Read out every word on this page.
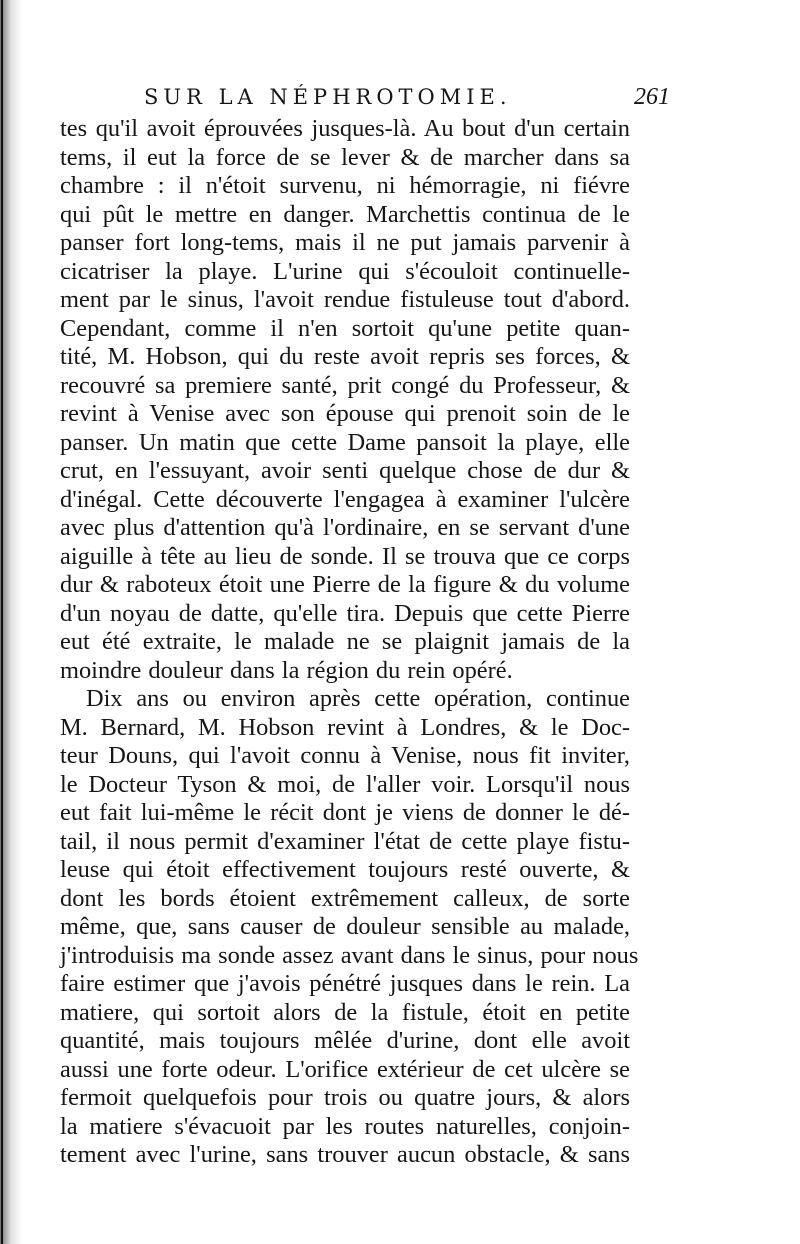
SUR LA NÉPHROTOMIE.	261
tes qu'il avoit éprouvées jusques-là. Au bout d'un certain
tems, il eut la force de se lever & de marcher dans sa
chambre : il n'étoit survenu, ni hémorragie, ni fiévre
qui pût le mettre en danger. Marchettis continua de le
panser fort long-tems, mais il ne put jamais parvenir à
cicatriser la playe. L'urine qui s'écouloit continuelle-
ment par le sinus, l'avoit rendue fistuleuse tout d'abord.
Cependant, comme il n'en sortoit qu'une petite quan-
tité, M. Hobson, qui du reste avoit repris ses forces, &
recouvré sa premiere santé, prit congé du Professeur, &
revint à Venise avec son épouse qui prenoit soin de le
panser. Un matin que cette Dame pansoit la playe, elle
crut, en l'essuyant, avoir senti quelque chose de dur &
d'inégal. Cette découverte l'engagea à examiner l'ulcère
avec plus d'attention qu'à l'ordinaire, en se servant d'une
aiguille à tête au lieu de sonde. Il se trouva que ce corps
dur & raboteux étoit une Pierre de la figure & du volume
d'un noyau de datte, qu'elle tira. Depuis que cette Pierre
eut été extraite, le malade ne se plaignit jamais de la
moindre douleur dans la région du rein opéré.
Dix ans ou environ après cette opération, continue
M. Bernard, M. Hobson revint à Londres, & le Doc-
teur Douns, qui l'avoit connu à Venise, nous fit inviter,
le Docteur Tyson & moi, de l'aller voir. Lorsqu'il nous
eut fait lui-même le récit dont je viens de donner le dé-
tail, il nous permit d'examiner l'état de cette playe fistu-
leuse qui étoit effectivement toujours resté ouverte, &
dont les bords étoient extrêmement calleux, de sorte
même, que, sans causer de douleur sensible au malade,
j'introduisis ma sonde assez avant dans le sinus, pour nous
faire estimer que j'avois pénétré jusques dans le rein. La
matiere, qui sortoit alors de la fistule, étoit en petite
quantité, mais toujours mêlée d'urine, dont elle avoit
aussi une forte odeur. L'orifice extérieur de cet ulcère se
fermoit quelquefois pour trois ou quatre jours, & alors
la matiere s'évacuoit par les routes naturelles, conjoin-
tement avec l'urine, sans trouver aucun obstacle, & sans
